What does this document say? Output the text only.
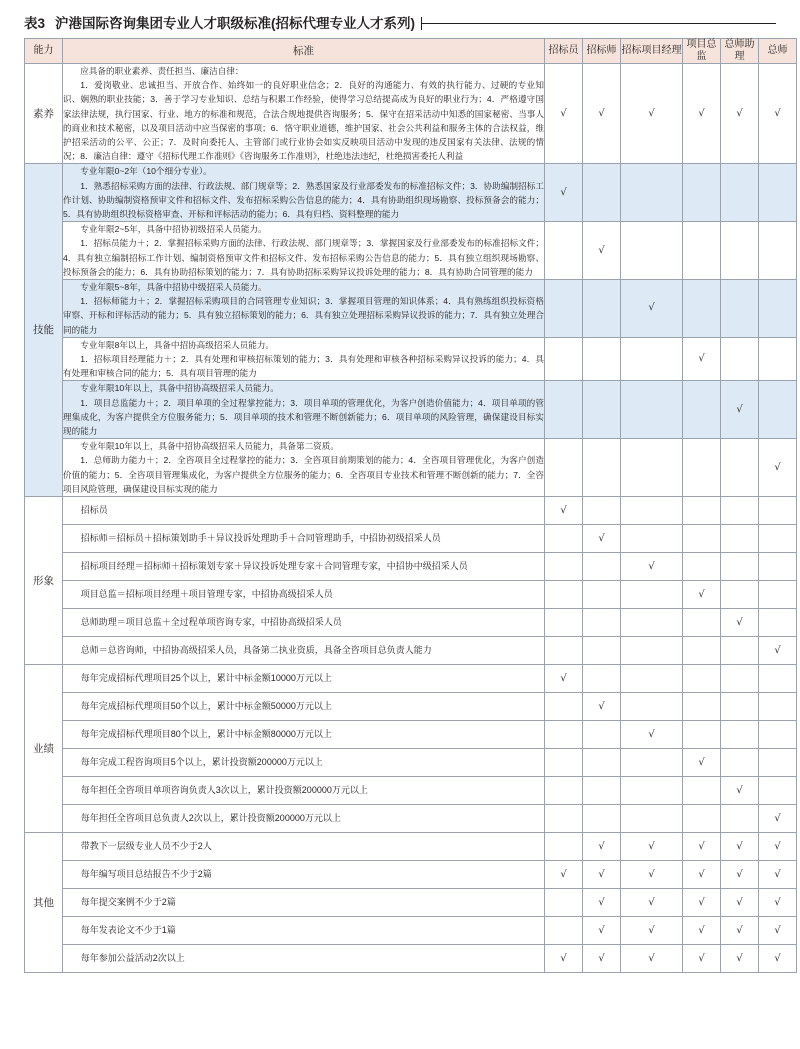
表3 沪港国际咨询集团专业人才职级标准(招标代理专业人才系列)
能力	标准	招标员	招标师	招标项目经理	项目总监	总师助理	总师
素养	应具备的职业素养、责任担当、廉洁自律：
1．爱岗敬业、忠诚担当、开放合作、始终如一的良好职业信念；2．良好的沟通能力、有效的执行能力、过硬的专业知识、娴熟的职业技能；3．善于学习专业知识、总结与积累工作经验，使得学习总结提高成为良好的职业行为；4．严格遵守国家法律法规，执行国家、行业、地方的标准和规范，合法合规地提供咨询服务；5．保守在招采活动中知悉的国家秘密、当事人的商业和技术秘密，以及项目活动中应当保密的事项；6．恪守职业道德，维护国家、社会公共利益和服务主体的合法权益，维护招采活动的公平、公正；7．及时向委托人、主管部门或行业协会如实反映项目活动中发现的违反国家有关法律、法规的情况；8．廉洁自律：遵守《招标代理工作准则》《咨询服务工作准则》，杜绝违法违纪，杜绝损害委托人利益	√	√	√	√	√	√
技能	专业年限0~2年（10个细分专业）。
1．熟悉招标采购方面的法律、行政法规、部门规章等；2．熟悉国家及行业部委发布的标准招标文件；3．协助编制招标工作计划、协助编制资格预审文件和招标文件、发布招标采购公告信息的能力；4．具有协助组织现场勘察、投标预备会的能力；5．具有协助组织投标资格审查、开标和评标活动的能力；6．具有归档、资料整理的能力	√					

	专业年限2~5年，具备中招协初级招采人员能力。
1．招标员能力＋；2．掌握招标采购方面的法律、行政法规、部门规章等；3．掌握国家及行业部委发布的标准招标文件；4．具有独立编制招标工作计划、编制资格预审文件和招标文件、发布招标采购公告信息的能力；5．具有独立组织现场勘察、投标预备会的能力；6．具有协助招标策划的能力；7．具有协助招标采购异议投诉处理的能力；8．具有协助合同管理的能力		√				

	专业年限5~8年，具备中招协中级招采人员能力。
1．招标师能力＋；2．掌握招标采购项目的合同管理专业知识；3．掌握项目管理的知识体系；4．具有熟练组织投标资格审察、开标和评标活动的能力；5．具有独立招标策划的能力；6．具有独立处理招标采购异议投诉的能力；7．具有独立处理合同的能力			√			

	专业年限8年以上，具备中招协高级招采人员能力。
1．招标项目经理能力＋；2．具有处理和审核招标策划的能力；3．具有处理和审核各种招标采购异议投诉的能力；4．具有处理和审核合同的能力；5．具有项目管理的能力				√		

	专业年限10年以上，具备中招协高级招采人员能力。
1．项目总监能力＋；2．项目单项的全过程掌控能力；3．项目单项的管理优化，为客户创造价值能力；4．项目单项的管理集成化，为客户提供全方位服务能力；5．项目单项的技术和管理不断创新能力；6．项目单项的风险管理，确保建设目标实现的能力					√	

	专业年限10年以上，具备中招协高级招采人员能力，具备第二资质。
1．总师助力能力＋；2．全咨项目全过程掌控的能力；3．全咨项目前期策划的能力；4．全咨项目管理优化，为客户创造价值的能力；5．全咨项目管理集成化，为客户提供全方位服务的能力；6．全咨项目专业技术和管理不断创新的能力；7．全咨项目风险管理，确保建设目标实现的能力						√
形象	招标员	√					
	招标师＝招标员＋招标策划助手＋异议投诉处理助手＋合同管理助手，中招协初级招采人员		√				
	招标项目经理＝招标师＋招标策划专家＋异议投诉处理专家＋合同管理专家，中招协中级招采人员			√			
	项目总监＝招标项目经理＋项目管理专家，中招协高级招采人员				√		
	总师助理＝项目总监＋全过程单项咨询专家，中招协高级招采人员					√	
	总师＝总咨询师，中招协高级招采人员，具备第二执业资质，具备全咨项目总负责人能力						√
业绩	每年完成招标代理项目25个以上，累计中标金额10000万元以上	√					
	每年完成招标代理项目50个以上，累计中标金额50000万元以上		√				
	每年完成招标代理项目80个以上，累计中标金额80000万元以上			√			
	每年完成工程咨询项目5个以上，累计投资额200000万元以上				√		
	每年担任全咨项目单项咨询负责人3次以上，累计投资额200000万元以上					√	
	每年担任全咨项目总负责人2次以上，累计投资额200000万元以上						√
其他	带教下一层级专业人员不少于2人		√	√	√	√	√
	每年编写项目总结报告不少于2篇	√	√	√	√	√	√
	每年提交案例不少于2篇		√	√	√	√	√
	每年发表论文不少于1篇		√	√	√	√	√
	每年参加公益活动2次以上	√	√	√	√	√	√
